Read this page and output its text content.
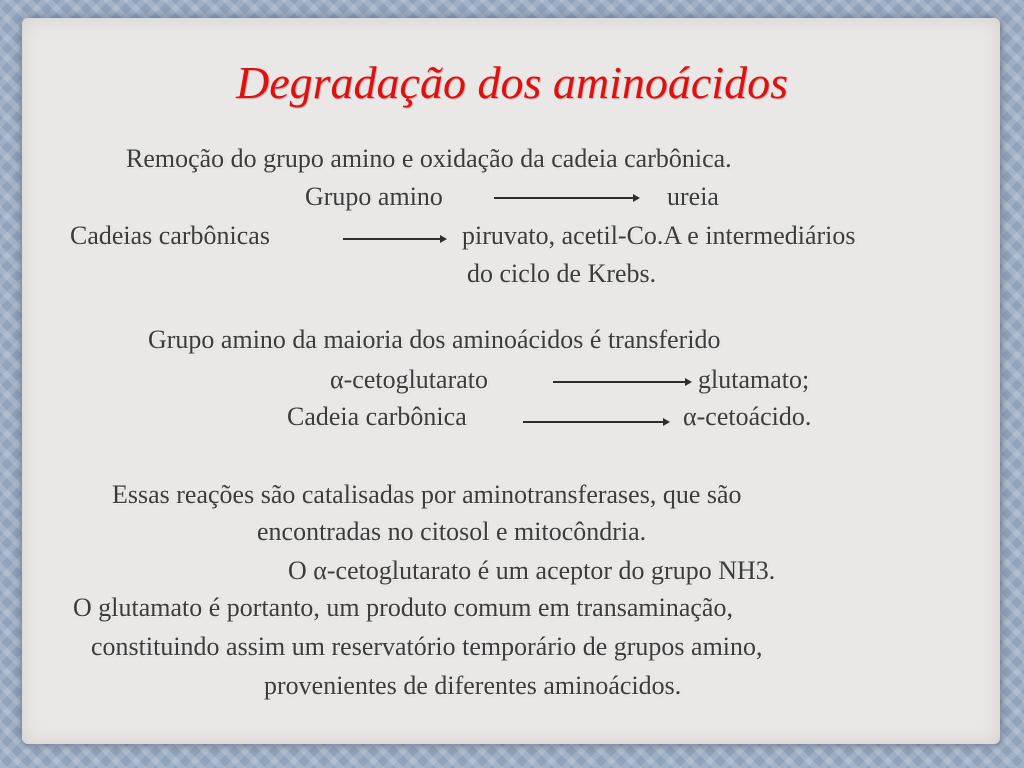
Degradação dos aminoácidos
Remoção do grupo amino e oxidação da cadeia carbônica.
Grupo amino	ureia
Cadeias carbônicas	piruvato, acetil-Co.A e intermediários
do ciclo de Krebs.
Grupo amino da maioria dos aminoácidos é transferido
α-cetoglutarato	glutamato;
Cadeia carbônica	α-cetoácido.
Essas reações são catalisadas por aminotransferases, que são
encontradas no citosol e mitocôndria.
O α-cetoglutarato é um aceptor do grupo NH3.
O glutamato é portanto, um produto comum em transaminação,
constituindo assim um reservatório temporário de grupos amino,
provenientes de diferentes aminoácidos.
